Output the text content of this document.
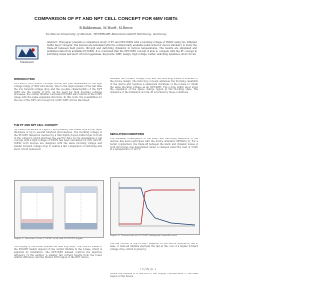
COMPARISON OF PT AND NPT CELL CONCEPT FOR 6MV IGBTs
B.Bakkerman, M.Hoeft, M.Reese
Technical University of Munich, TENEROPE Materials GmbH Nürnberg, Germany
Transfemeric
Abstract: This paper presents a comparison study of PT- and NPT-IGBTs with a blocking voltage of 6500V using two different buffer layer concepts. The devices are simulated with the commercially available semiconductor device simulator to study the trade-off between field punch- through and switching dynamics in various temperatures. The results are simulated and published data from available PT-IGBTs. It is concluded that the NPT-IGBT concept is able to compete with the PT concept in switching losses and short circuit ruggedness. Keywords: IGBT, design, high voltage, buffer, switching dynamics, short circuit
INTRODUCTION
NPT-IGBTs (Non Punch Through IGBTs) are well established in the high voltage range (1700V and above). Due to the improvement of the tail time the low forward voltage drop and the on-state characteristic of the NPT IGBT are the results of this. As the need for high blocking voltages increases, the carrier lifetime controlled PT-IGBT also returns in the 6.5kV range with the same expanded structure. In this work, the possibilities for the use of the NPT cell concept for a 6kV IGBT will be discussed.
THE PT AND NPT CELL CONCEPT
NPT-IGBTs as shown in Figure 1 are presently fabricated with a drift layer thickness of up to several hundred micrometres. The blocking voltage of the PT-IGBT instead is reached by a thin highly doped buffer layer in front of the collector, which shortens the electric field. In the simulations a cell concept with a high voltage of 6500V has been calculated for NPT and PT-IGBTs; both devices are designed with the same blocking voltage and similar forward voltage drop to enable a fair comparison of switching and short circuit behaviour.
Figure 1: Structure of the PT-IGBT (left) and NPT-IGBT (right)
The doping of the buffer defines the field stop layer. The turn-off losses of the PT-IGBT mainly depend on the carrier lifetime in the n-base, which is adjusted by irradiation. The NPT-IGBT instead controls the injection efficiency of the emitter. A smaller tail current results from the lower emitter efficiency and the thicker drift region of the NPT device.
between the forward voltage drop and the switching losses is inherent to the device design. The field stop concept enhances the blocking capability of the device and requires a deliberate thickness of the n-base to obtain the same blocking voltage as an NPT-IGBT. The p-type buffer layer stops the expansion of the space charge region in the blocking state. The dynamics of the transistor at turn-off is formed by these conditions.
SIMULATION CONDITIONS
The transient investigation of the static and switching behaviour of the devices has been performed with the device simulator DESSIS [1]. For a better comparison, the trade-off between the static and dynamic losses of both structures was determined under a clamped inductive load of 3.6kV at a temperature of 125°C.
Figure 2: Current tail of a PT-IGBT during the turn-off event
The tail current of the PT-IGBT depends on the carrier lifetime in the n-base. A reduced lifetime shortens the tail at the cost of a higher forward voltage drop, which is given by
τ = f (N_d) · x
where the lifetime is a function of the doping concentration of the base region of the device.
